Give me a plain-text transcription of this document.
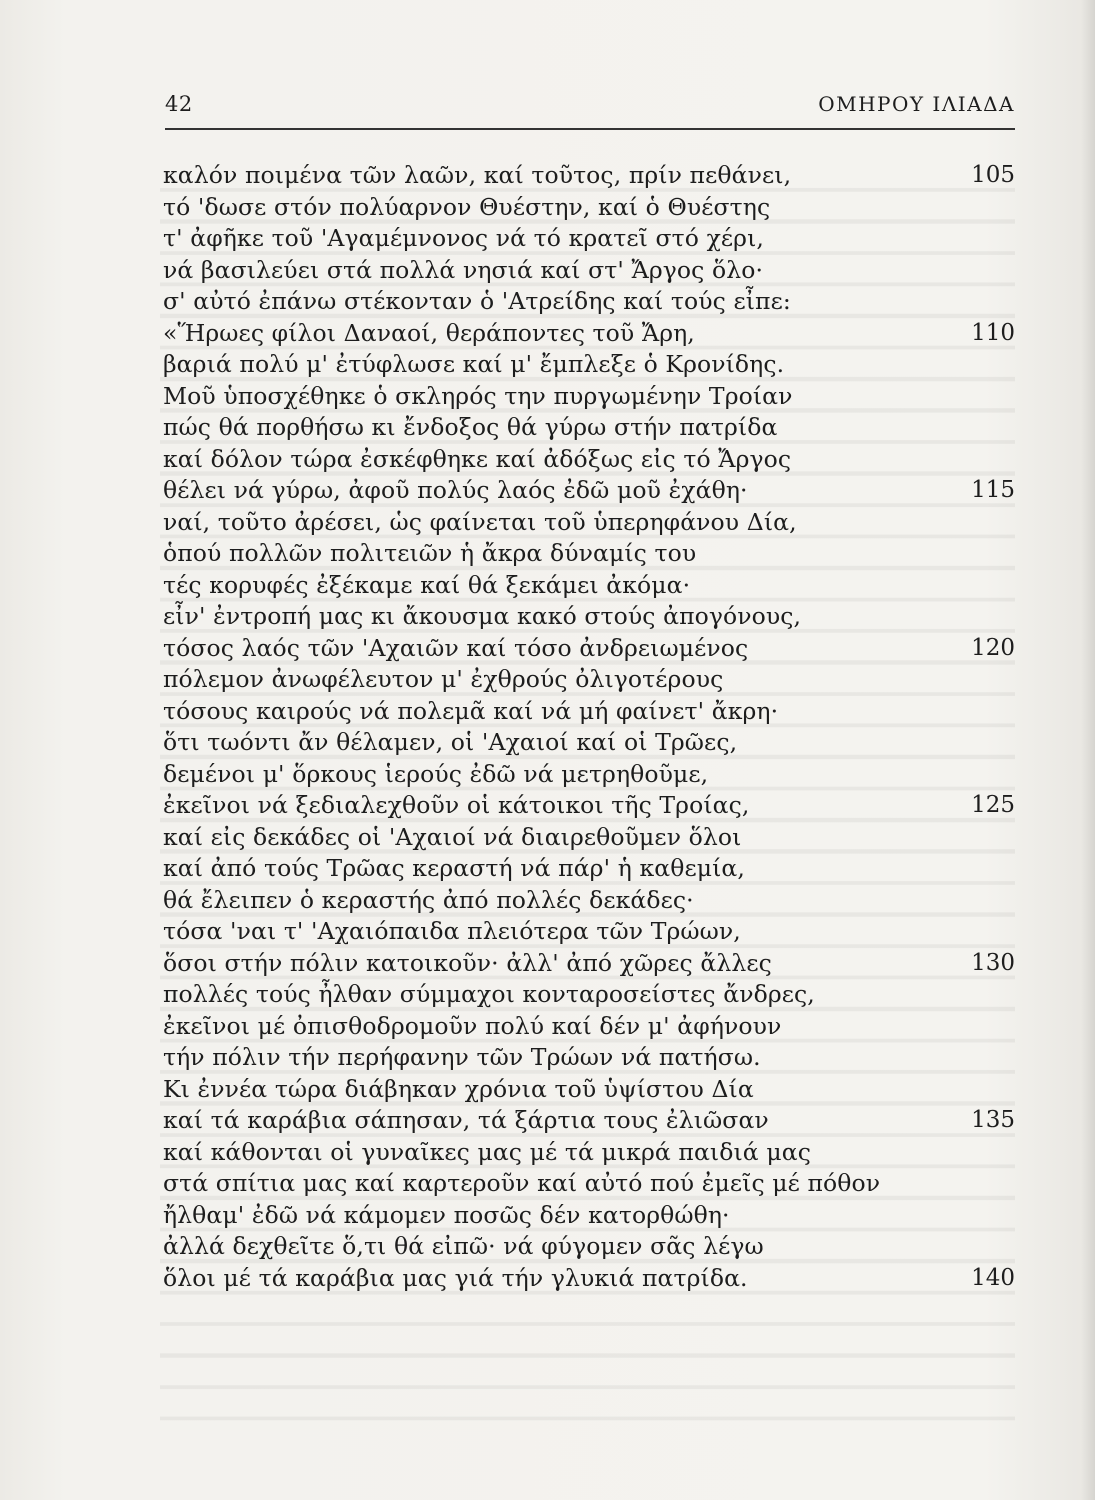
42	ΟΜΗΡΟΥ ΙΛΙΑΔΑ
καλόν ποιμένα τῶν λαῶν, καί τοῦτος, πρίν πεθάνει,	105
τό 'δωσε στόν πολύαρνον Θυέστην, καί ὁ Θυέστης
τ' ἀφῆκε τοῦ 'Αγαμέμνονος νά τό κρατεῖ στό χέρι,
νά βασιλεύει στά πολλά νησιά καί στ' Ἄργος ὅλο·
σ' αὐτό ἐπάνω στέκονταν ὁ 'Ατρείδης καί τούς εἶπε:
«Ἥρωες φίλοι Δαναοί, θεράποντες τοῦ Ἄρη,	110
βαριά πολύ μ' ἐτύφλωσε καί μ' ἔμπλεξε ὁ Κρονίδης.
Μοῦ ὑποσχέθηκε ὁ σκληρός την πυργωμένην Τροίαν
πώς θά πορθήσω κι ἔνδοξος θά γύρω στήν πατρίδα
καί δόλον τώρα ἐσκέφθηκε καί ἀδόξως εἰς τό Ἄργος
θέλει νά γύρω, ἀφοῦ πολύς λαός ἐδῶ μοῦ ἐχάθη·	115
ναί, τοῦτο ἀρέσει, ὡς φαίνεται τοῦ ὑπερηφάνου Δία,
ὁπού πολλῶν πολιτειῶν ἡ ἄκρα δύναμίς του
τές κορυφές ἐξέκαμε καί θά ξεκάμει ἀκόμα·
εἶν' ἐντροπή μας κι ἄκουσμα κακό στούς ἀπογόνους,
τόσος λαός τῶν 'Αχαιῶν καί τόσο ἀνδρειωμένος	120
πόλεμον ἀνωφέλευτον μ' ἐχθρούς ὀλιγοτέρους
τόσους καιρούς νά πολεμᾶ καί νά μή φαίνετ' ἄκρη·
ὅτι τωόντι ἄν θέλαμεν, οἱ 'Αχαιοί καί οἱ Τρῶες,
δεμένοι μ' ὅρκους ἱερούς ἐδῶ νά μετρηθοῦμε,
ἐκεῖνοι νά ξεδιαλεχθοῦν οἱ κάτοικοι τῆς Τροίας,	125
καί εἰς δεκάδες οἱ 'Αχαιοί νά διαιρεθοῦμεν ὅλοι
καί ἀπό τούς Τρῶας κεραστή νά πάρ' ἡ καθεμία,
θά ἔλειπεν ὁ κεραστής ἀπό πολλές δεκάδες·
τόσα 'ναι τ' 'Αχαιόπαιδα πλειότερα τῶν Τρώων,
ὅσοι στήν πόλιν κατοικοῦν· ἀλλ' ἀπό χῶρες ἄλλες	130
πολλές τούς ἦλθαν σύμμαχοι κονταροσείστες ἄνδρες,
ἐκεῖνοι μέ ὀπισθοδρομοῦν πολύ καί δέν μ' ἀφήνουν
τήν πόλιν τήν περήφανην τῶν Τρώων νά πατήσω.
Κι ἐννέα τώρα διάβηκαν χρόνια τοῦ ὑψίστου Δία
καί τά καράβια σάπησαν, τά ξάρτια τους ἐλιῶσαν	135
καί κάθονται οἱ γυναῖκες μας μέ τά μικρά παιδιά μας
στά σπίτια μας καί καρτεροῦν καί αὐτό πού ἐμεῖς μέ πόθον
ἤλθαμ' ἐδῶ νά κάμομεν ποσῶς δέν κατορθώθη·
ἀλλά δεχθεῖτε ὅ,τι θά εἰπῶ· νά φύγομεν σᾶς λέγω
ὅλοι μέ τά καράβια μας γιά τήν γλυκιά πατρίδα.	140
